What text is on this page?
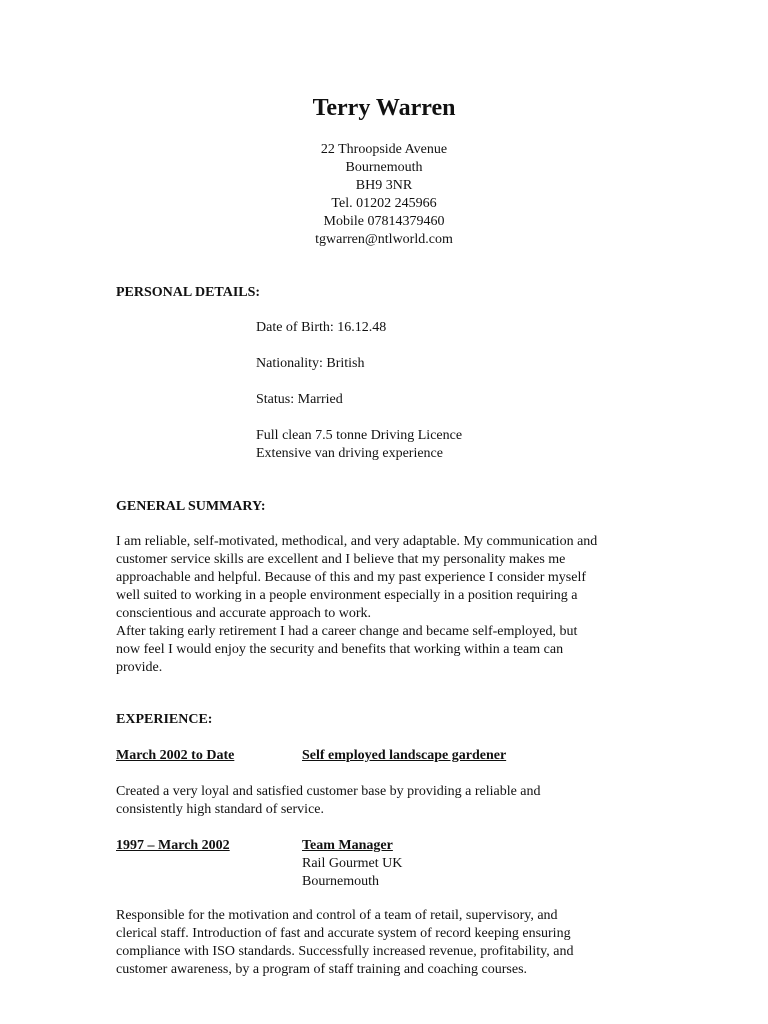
Terry Warren
22 Throopside Avenue
Bournemouth
BH9 3NR
Tel. 01202 245966
Mobile 07814379460
tgwarren@ntlworld.com
PERSONAL DETAILS:
Date of Birth: 16.12.48
Nationality: British
Status: Married
Full clean 7.5 tonne Driving Licence
Extensive van driving experience
GENERAL SUMMARY:
I am reliable, self-motivated, methodical, and very adaptable. My communication and
customer service skills are excellent and I believe that my personality makes me
approachable and helpful. Because of this and my past experience I consider myself
well suited to working in a people environment especially in a position requiring a
conscientious and accurate approach to work.
After taking early retirement I had a career change and became self-employed, but
now feel I would enjoy the security and benefits that working within a team can
provide.
EXPERIENCE:
March 2002 to Date	Self employed landscape gardener
Created a very loyal and satisfied customer base by providing a reliable and
consistently high standard of service.
1997 – March 2002	Team Manager
Rail Gourmet UK
Bournemouth
Responsible for the motivation and control of a team of retail, supervisory, and
clerical staff. Introduction of fast and accurate system of record keeping ensuring
compliance with ISO standards. Successfully increased revenue, profitability, and
customer awareness, by a program of staff training and coaching courses.
